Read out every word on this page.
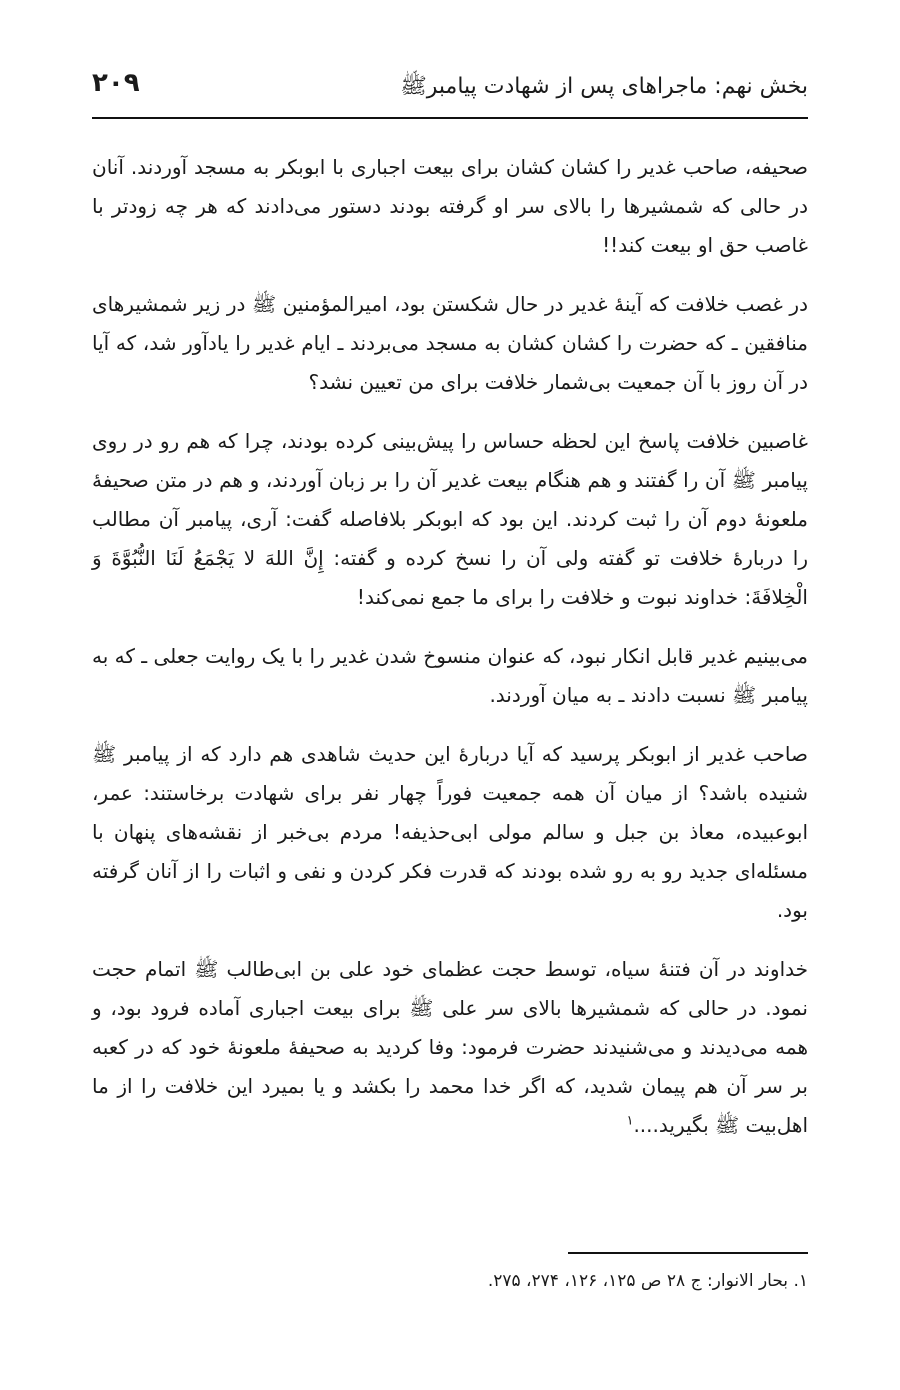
بخش نهم: ماجراهای پس از شهادت پیامبرﷺ
۲۰۹

صحیفه، صاحب غدیر را کشان کشان برای بیعت اجباری با ابوبکر به مسجد آوردند. آنان در حالی که شمشیرها را بالای سر او گرفته بودند دستور می‌دادند که هر چه زودتر با غاصب حق او بیعت کند!!

در غصب خلافت که آینهٔ غدیر در حال شکستن بود، امیرالمؤمنین ﷺ در زیر شمشیرهای منافقین ـ که حضرت را کشان کشان به مسجد می‌بردند ـ ایام غدیر را یادآور شد، که آیا در آن روز با آن جمعیت بی‌شمار خلافت برای من تعیین نشد؟

غاصبین خلافت پاسخ این لحظه حساس را پیش‌بینی کرده بودند، چرا که هم رو در روی پیامبر ﷺ آن را گفتند و هم هنگام بیعت غدیر آن را بر زبان آوردند، و هم در متن صحیفهٔ ملعونهٔ دوم آن را ثبت کردند. این بود که ابوبکر بلافاصله گفت: آری، پیامبر آن مطالب را دربارهٔ خلافت تو گفته ولی آن را نسخ کرده و گفته: إِنَّ اللهَ لا یَجْمَعُ لَنَا النُّبُوَّةَ وَ الْخِلافَةَ: خداوند نبوت و خلافت را برای ما جمع نمی‌کند!

می‌بینیم غدیر قابل انکار نبود، که عنوان منسوخ شدن غدیر را با یک روایت جعلی ـ که به پیامبر ﷺ نسبت دادند ـ به میان آوردند.

صاحب غدیر از ابوبکر پرسید که آیا دربارهٔ این حدیث شاهدی هم دارد که از پیامبر ﷺ شنیده باشد؟ از میان آن همه جمعیت فوراً چهار نفر برای شهادت برخاستند: عمر، ابوعبیده، معاذ بن جبل و سالم مولی ابی‌حذیفه! مردم بی‌خبر از نقشه‌های پنهان با مسئله‌ای جدید رو به رو شده بودند که قدرت فکر کردن و نفی و اثبات را از آنان گرفته بود.

خداوند در آن فتنهٔ سیاه، توسط حجت عظمای خود علی بن ابی‌طالب ﷺ اتمام حجت نمود. در حالی که شمشیرها بالای سر علی ﷺ برای بیعت اجباری آماده فرود بود، و همه می‌دیدند و می‌شنیدند حضرت فرمود: وفا کردید به صحیفهٔ ملعونهٔ خود که در کعبه بر سر آن هم پیمان شدید، که اگر خدا محمد را بکشد و یا بمیرد این خلافت را از ما اهل‌بیت ﷺ بگیرید....$^۱$

۱. بحار الانوار: ج ۲۸ ص ۱۲۵، ۱۲۶، ۲۷۴، ۲۷۵.
